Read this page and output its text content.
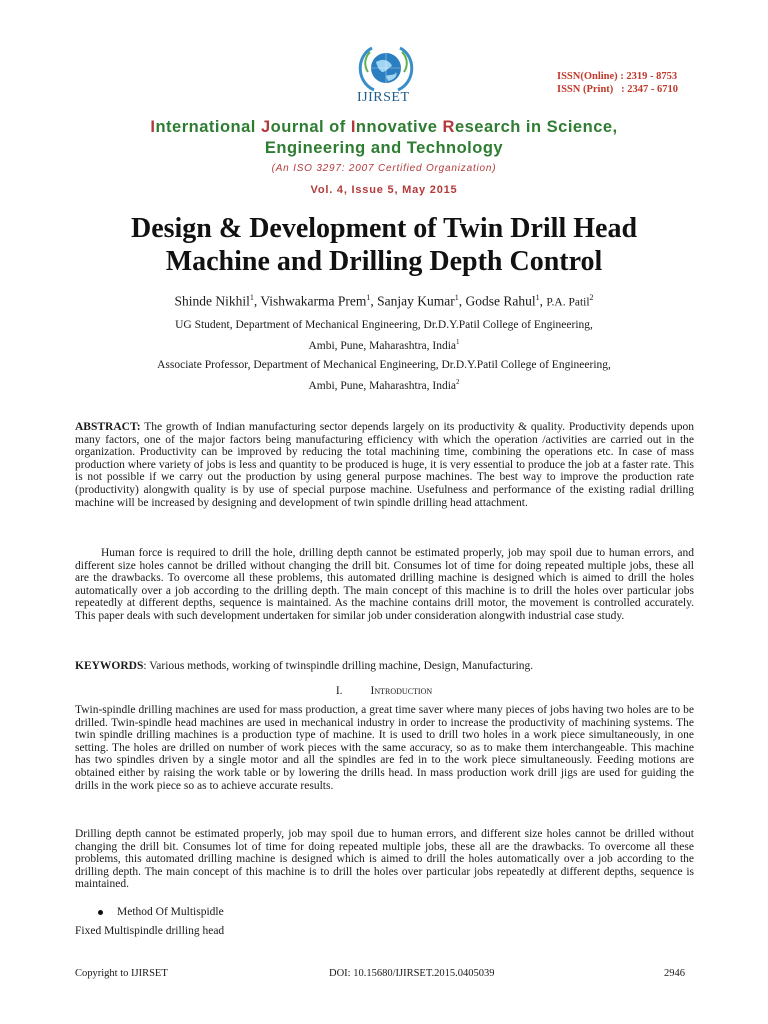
IJIRSET
ISSN(Online) : 2319 - 8753
ISSN (Print)   : 2347 - 6710
International Journal of Innovative Research in Science,
Engineering and Technology
(An ISO 3297: 2007 Certified Organization)
Vol. 4, Issue 5, May 2015
Design & Development of Twin Drill Head
Machine and Drilling Depth Control
Shinde Nikhil$^1$, Vishwakarma Prem$^1$, Sanjay Kumar$^1$, Godse Rahul$^1$, P.A. Patil$^2$
UG Student, Department of Mechanical Engineering, Dr.D.Y.Patil College of Engineering,
Ambi, Pune, Maharashtra, India$^1$
Associate Professor, Department of Mechanical Engineering, Dr.D.Y.Patil College of Engineering,
Ambi, Pune, Maharashtra, India$^2$
ABSTRACT: The growth of Indian manufacturing sector depends largely on its productivity & quality. Productivity depends upon many factors, one of the major factors being manufacturing efficiency with which the operation /activities are carried out in the organization. Productivity can be improved by reducing the total machining time, combining the operations etc. In case of mass production where variety of jobs is less and quantity to be produced is huge, it is very essential to produce the job at a faster rate. This is not possible if we carry out the production by using general purpose machines. The best way to improve the production rate (productivity) alongwith quality is by use of special purpose machine. Usefulness and performance of the existing radial drilling machine will be increased by designing and development of twin spindle drilling head attachment.
Human force is required to drill the hole, drilling depth cannot be estimated properly, job may spoil due to human errors, and different size holes cannot be drilled without changing the drill bit. Consumes lot of time for doing repeated multiple jobs, these all are the drawbacks. To overcome all these problems, this automated drilling machine is designed which is aimed to drill the holes automatically over a job according to the drilling depth. The main concept of this machine is to drill the holes over particular jobs repeatedly at different depths, sequence is maintained. As the machine contains drill motor, the movement is controlled accurately. This paper deals with such development undertaken for similar job under consideration alongwith industrial case study.
KEYWORDS: Various methods, working of twinspindle drilling machine, Design, Manufacturing.
I. Introduction
Twin-spindle drilling machines are used for mass production, a great time saver where many pieces of jobs having two holes are to be drilled. Twin-spindle head machines are used in mechanical industry in order to increase the productivity of machining systems. The twin spindle drilling machines is a production type of machine. It is used to drill two holes in a work piece simultaneously, in one setting. The holes are drilled on number of work pieces with the same accuracy, so as to make them interchangeable. This machine has two spindles driven by a single motor and all the spindles are fed in to the work piece simultaneously. Feeding motions are obtained either by raising the work table or by lowering the drills head. In mass production work drill jigs are used for guiding the drills in the work piece so as to achieve accurate results.
Drilling depth cannot be estimated properly, job may spoil due to human errors, and different size holes cannot be drilled without changing the drill bit. Consumes lot of time for doing repeated multiple jobs, these all are the drawbacks. To overcome all these problems, this automated drilling machine is designed which is aimed to drill the holes automatically over a job according to the drilling depth. The main concept of this machine is to drill the holes over particular jobs repeatedly at different depths, sequence is maintained.
Method Of Multispidle
Fixed Multispindle drilling head
Copyright to IJIRSET	DOI: 10.15680/IJIRSET.2015.0405039	2946
